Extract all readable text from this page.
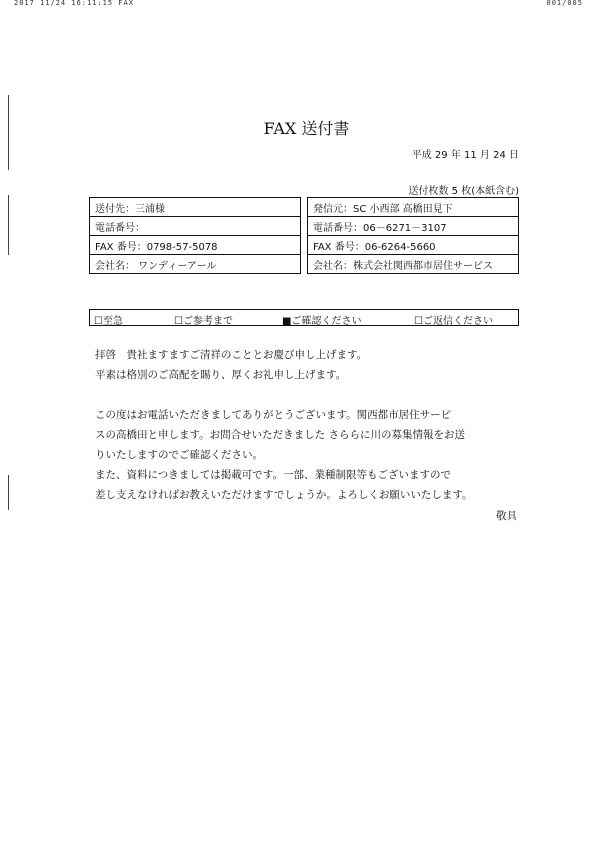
2017 11/24 16:11:15 FAX	001/005
FAX 送付書
平成 29 年 11 月 24 日
送付枚数 5 枚(本紙含む)
送付先：三浦様		発信元：SC 小西部 高橋田見下
電話番号：		電話番号：06－6271－3107
FAX 番号：0798-57-5078		FAX 番号：06-6264-5660
会社名： ワンディーアール		会社名：株式会社関西都市居住サービス
☐至急	☐ご参考まで	■ご確認ください	☐ご返信ください

拝啓　貴社ますますご清祥のこととお慶び申し上げます。

平素は格別のご高配を賜り、厚くお礼申し上げます。

この度はお電話いただきましてありがとうございます。関西都市居住サービ

スの高橋田と申します。お問合せいただきました さららに川の募集情報をお送

りいたしますのでご確認ください。

また、資料につきましては掲載可です。一部、業種制限等もございますので

差し支えなければお教えいただけますでしょうか。よろしくお願いいたします。

敬具
